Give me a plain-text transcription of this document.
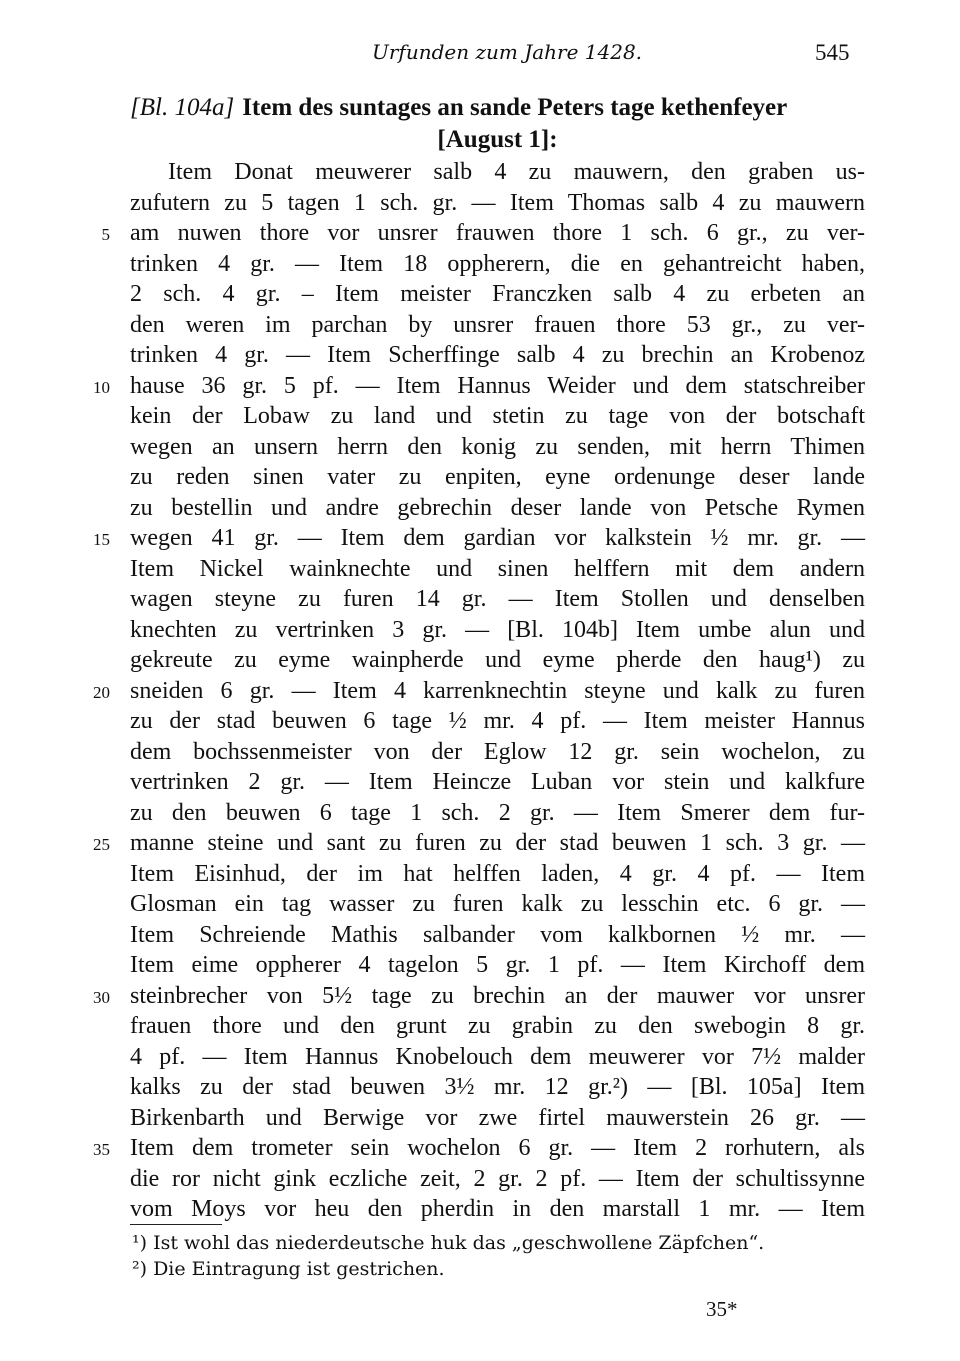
Urfunden zum Jahre 1428.	545
[Bl. 104a] Item des suntages an sande Peters tage kethenfeyer
[August 1]:
Item Donat meuwerer salb 4 zu mauwern, den graben us-
zufutern zu 5 tagen 1 sch. gr. — Item Thomas salb 4 zu mauwern
5 am nuwen thore vor unsrer frauwen thore 1 sch. 6 gr., zu ver-
trinken 4 gr. — Item 18 oppherern, die en gehantreicht haben,
2 sch. 4 gr. – Item meister Franczken salb 4 zu erbeten an
den weren im parchan by unsrer frauen thore 53 gr., zu ver-
trinken 4 gr. — Item Scherffinge salb 4 zu brechin an Krobenoz
10 hause 36 gr. 5 pf. — Item Hannus Weider und dem statschreiber
kein der Lobaw zu land und stetin zu tage von der botschaft
wegen an unsern herrn den konig zu senden, mit herrn Thimen
zu reden sinen vater zu enpiten, eyne ordenunge deser lande
zu bestellin und andre gebrechin deser lande von Petsche Rymen
15 wegen 41 gr. — Item dem gardian vor kalkstein ½ mr. gr. —
Item Nickel wainknechte und sinen helffern mit dem andern
wagen steyne zu furen 14 gr. — Item Stollen und denselben
knechten zu vertrinken 3 gr. — [Bl. 104b] Item umbe alun und
gekreute zu eyme wainpherde und eyme pherde den haug¹) zu
20 sneiden 6 gr. — Item 4 karrenknechtin steyne und kalk zu furen
zu der stad beuwen 6 tage ½ mr. 4 pf. — Item meister Hannus
dem bochssenmeister von der Eglow 12 gr. sein wochelon, zu
vertrinken 2 gr. — Item Heincze Luban vor stein und kalkfure
zu den beuwen 6 tage 1 sch. 2 gr. — Item Smerer dem fur-
25 manne steine und sant zu furen zu der stad beuwen 1 sch. 3 gr. —
Item Eisinhud, der im hat helffen laden, 4 gr. 4 pf. — Item
Glosman ein tag wasser zu furen kalk zu lesschin etc. 6 gr. —
Item Schreiende Mathis salbander vom kalkbornen ½ mr. —
Item eime oppherer 4 tagelon 5 gr. 1 pf. — Item Kirchoff dem
30 steinbrecher von 5½ tage zu brechin an der mauwer vor unsrer
frauen thore und den grunt zu grabin zu den swebogin 8 gr.
4 pf. — Item Hannus Knobelouch dem meuwerer vor 7½ malder
kalks zu der stad beuwen 3½ mr. 12 gr.²) — [Bl. 105a] Item
Birkenbarth und Berwige vor zwe firtel mauwerstein 26 gr. —
35 Item dem trometer sein wochelon 6 gr. — Item 2 rorhutern, als
die ror nicht gink eczliche zeit, 2 gr. 2 pf. — Item der schultissynne
vom Moys vor heu den pherdin in den marstall 1 mr. — Item
¹) Ist wohl das niederdeutsche huk das „geschwollene Zäpfchen“.
²) Die Eintragung ist gestrichen.
35*
